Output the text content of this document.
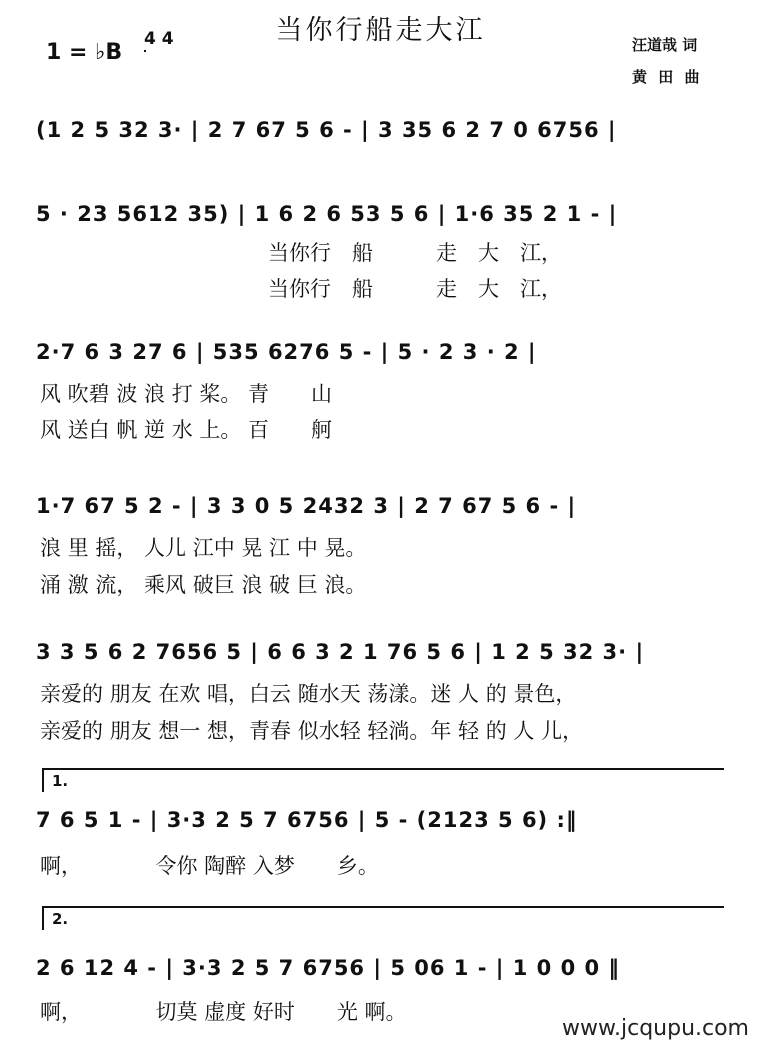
当你行船走大江
1 = ♭B
4 4	汪道哉 词
黄 田 曲
(1 2 5 32 3· | 2 7 67 5 6 - | 3 35 6 2 7 0 6756 |
5 · 23 5612 35) | 1 6 2 6 53 5 6 | 1·6 35 2 1 - |
当你行　船　　　走　大　江，
当你行　船　　　走　大　江，
2·7 6 3 27 6 | 535 6276 5 - | 5 · 2 3 · 2 |
风 吹碧 波 浪 打 桨。 青　　山
风 送白 帆 逆 水 上。 百　　舸
1·7 67 5 2 - | 3 3 0 5 2432 3 | 2 7 67 5 6 - |
浪 里 摇， 人儿 江中 晃 江 中 晃。
涌 激 流， 乘风 破巨 浪 破 巨 浪。
3 3 5 6 2 7656 5 | 6 6 3 2 1 76 5 6 | 1 2 5 32 3· |
亲爱的 朋友 在欢 唱，白云 随水天 荡漾。迷 人 的 景色，
亲爱的 朋友 想一 想，青春 似水轻 轻淌。年 轻 的 人 儿，
1.
7 6 5 1 - | 3·3 2 5 7 6756 | 5 - (2123 5 6) :‖
啊，　　　　令你 陶醉 入梦　　乡。
2.
2 6 12 4 - | 3·3 2 5 7 6756 | 5 06 1 - | 1 0 0 0 ‖
啊，　　　　切莫 虚度 好时　　光 啊。
www.jcqupu.com
